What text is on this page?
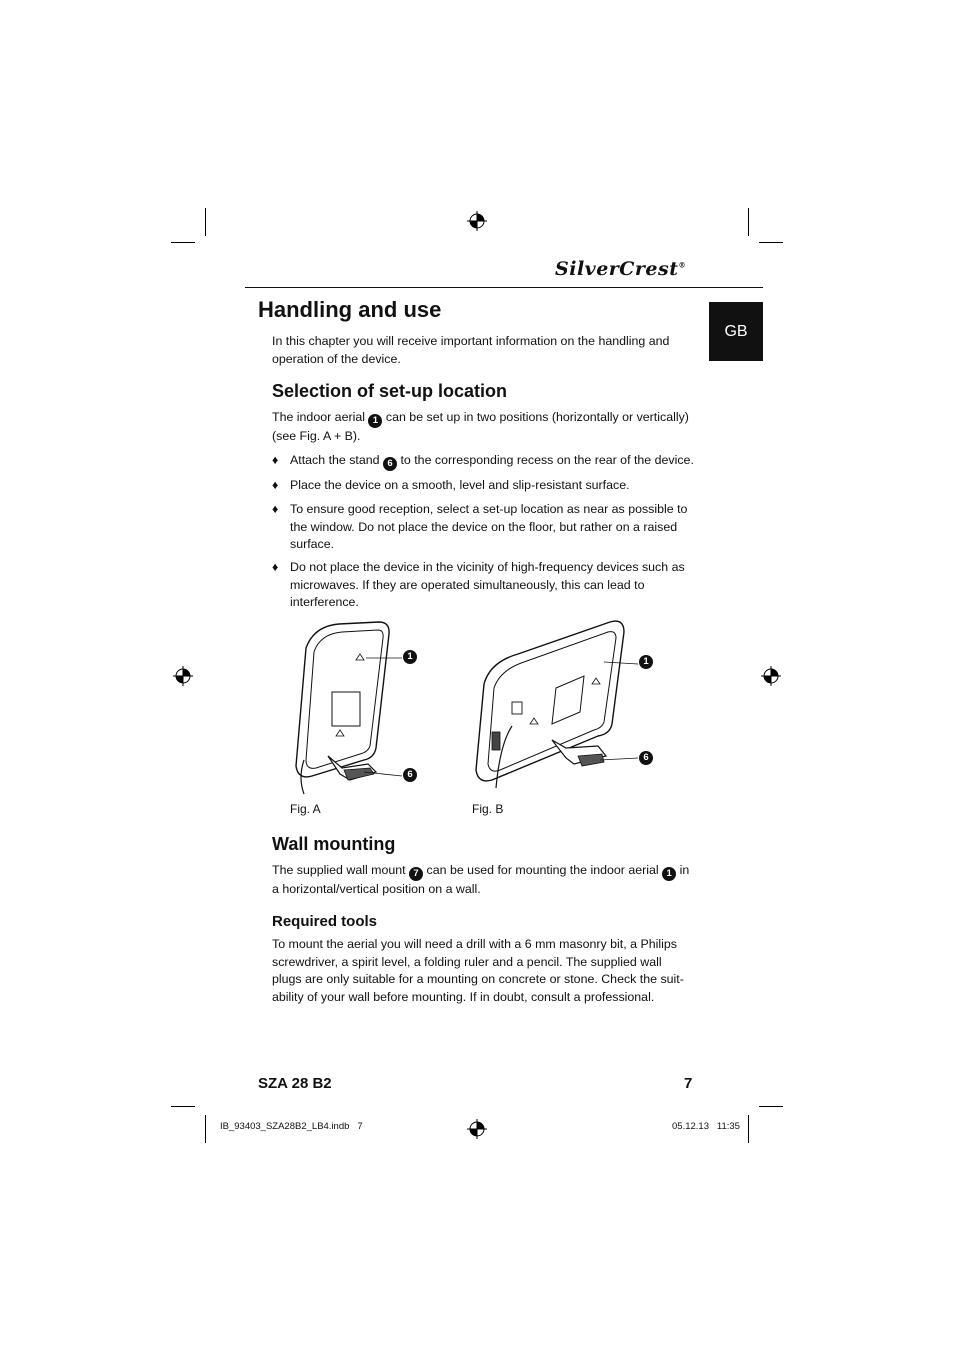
SilverCrest®
GB
Handling and use
In this chapter you will receive important information on the handling and operation of the device.
Selection of set-up location
The indoor aerial 1 can be set up in two positions (horizontally or vertically) (see Fig. A + B).
♦ Attach the stand 6 to the corresponding recess on the rear of the device.
♦ Place the device on a smooth, level and slip-resistant surface.
♦ To ensure good reception, select a set-up location as near as possible to the window. Do not place the device on the floor, but rather on a raised surface.
♦ Do not place the device in the vicinity of high-frequency devices such as microwaves. If they are operated simultaneously, this can lead to interference.
1
6
Fig. A
1
6
Fig. B
Wall mounting
The supplied wall mount 7 can be used for mounting the indoor aerial 1 in a horizontal/vertical position on a wall.
Required tools
To mount the aerial you will need a drill with a 6 mm masonry bit, a Philips screwdriver, a spirit level, a folding ruler and a pencil. The supplied wall plugs are only suitable for a mounting on concrete or stone. Check the suit-ability of your wall before mounting. If in doubt, consult a professional.
SZA 28 B2	7
IB_93403_SZA28B2_LB4.indb   7	05.12.13   11:35
